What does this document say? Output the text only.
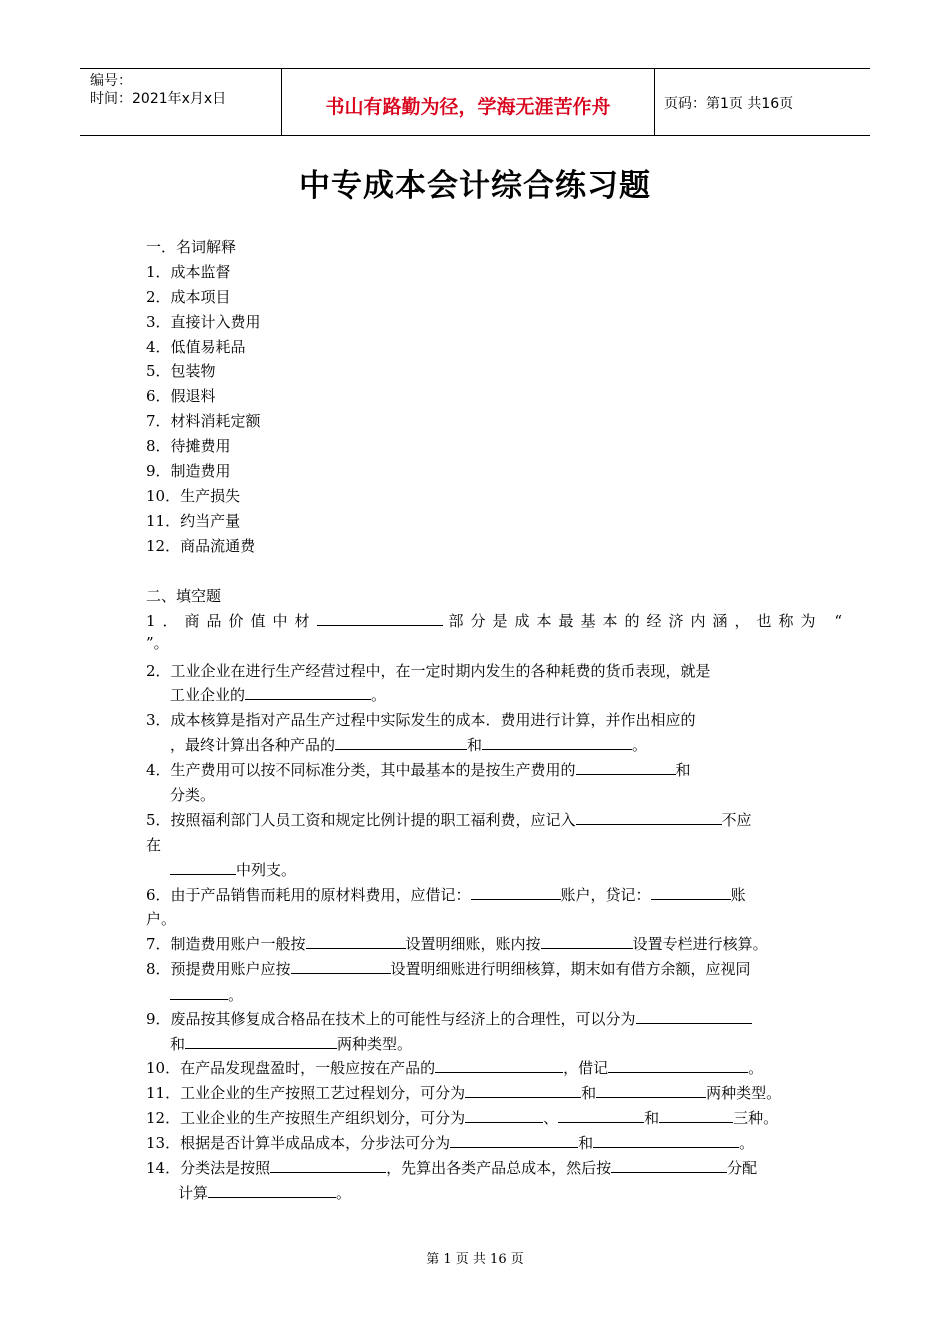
编号：
时间：2021年x月x日	书山有路勤为径，学海无涯苦作舟	页码：第1页 共16页
中专成本会计综合练习题
一．名词解释
1．成本监督
2．成本项目
3．直接计入费用
4．低值易耗品
5．包装物
6．假退料
7．材料消耗定额
8．待摊费用
9．制造费用
10．生产损失
11．约当产量
12．商品流通费
二、填空题
1．商品价值中材	部分是成本最基本的经济内涵，也称为 “
”。
2．工业企业在进行生产经营过程中，在一定时期内发生的各种耗费的货币表现，就是
工业企业的	。
3．成本核算是指对产品生产过程中实际发生的成本．费用进行计算，并作出相应的
，最终计算出各种产品的	和	。
4．生产费用可以按不同标准分类，其中最基本的是按生产费用的	和
分类。
5．按照福利部门人员工资和规定比例计提的职工福利费，应记入	不应
在
中列支。
6．由于产品销售而耗用的原材料费用，应借记：	账户，贷记：	账
户。
7．制造费用账户一般按	设置明细账，账内按	设置专栏进行核算。
8．预提费用账户应按	设置明细账进行明细核算，期末如有借方余额，应视同
。
9．废品按其修复成合格品在技术上的可能性与经济上的合理性，可以分为
和	两种类型。
10．在产品发现盘盈时，一般应按在产品的	，借记	。
11．工业企业的生产按照工艺过程划分，可分为	和	两种类型。
12．工业企业的生产按照生产组织划分，可分为	、	和	三种。
13．根据是否计算半成品成本，分步法可分为	和	。
14．分类法是按照	，先算出各类产品总成本，然后按	分配
计算	。
第 1 页 共 16 页
